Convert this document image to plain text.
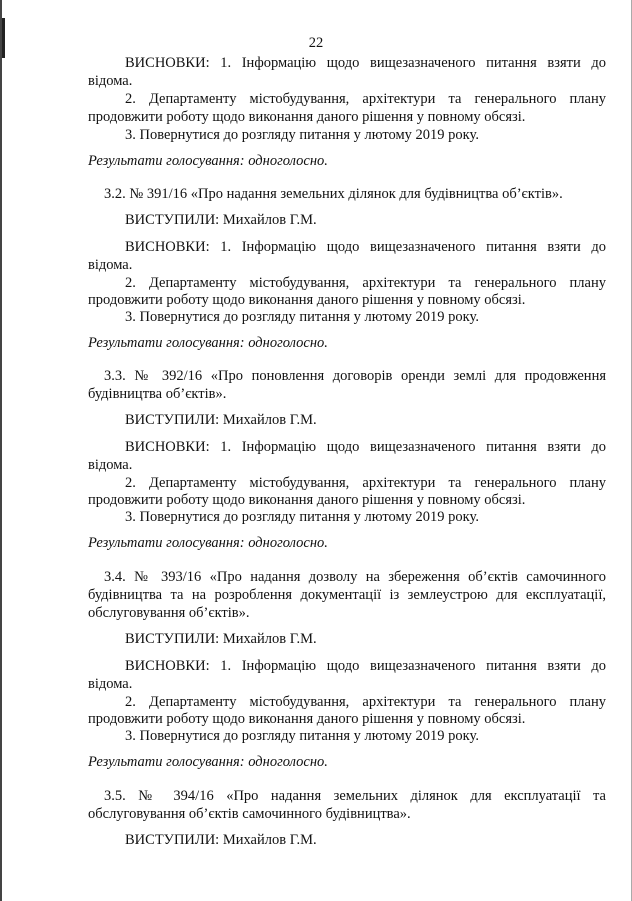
22

ВИСНОВКИ: 1. Інформацію щодо вищезазначеного питання взяти до

відома.

2. Департаменту містобудування, архітектури та генерального плану

продовжити роботу щодо виконання даного рішення у повному обсязі.

3. Повернутися до розгляду питання у лютому 2019 року.

Результати голосування: одноголосно.

3.2. № 391/16 «Про надання земельних ділянок для будівництва об’єктів».

ВИСТУПИЛИ: Михайлов Г.М.

ВИСНОВКИ: 1. Інформацію щодо вищезазначеного питання взяти до

відома.

2. Департаменту містобудування, архітектури та генерального плану

продовжити роботу щодо виконання даного рішення у повному обсязі.

3. Повернутися до розгляду питання у лютому 2019 року.

Результати голосування: одноголосно.

3.3. № 392/16 «Про поновлення договорів оренди землі для продовження

будівництва об’єктів».

ВИСТУПИЛИ: Михайлов Г.М.

ВИСНОВКИ: 1. Інформацію щодо вищезазначеного питання взяти до

відома.

2. Департаменту містобудування, архітектури та генерального плану

продовжити роботу щодо виконання даного рішення у повному обсязі.

3. Повернутися до розгляду питання у лютому 2019 року.

Результати голосування: одноголосно.

3.4. № 393/16 «Про надання дозволу на збереження об’єктів самочинного

будівництва та на розроблення документації із землеустрою для експлуатації,

обслуговування об’єктів».

ВИСТУПИЛИ: Михайлов Г.М.

ВИСНОВКИ: 1. Інформацію щодо вищезазначеного питання взяти до

відома.

2. Департаменту містобудування, архітектури та генерального плану

продовжити роботу щодо виконання даного рішення у повному обсязі.

3. Повернутися до розгляду питання у лютому 2019 року.

Результати голосування: одноголосно.

3.5. № 394/16 «Про надання земельних ділянок для експлуатації та

обслуговування об’єктів самочинного будівництва».

ВИСТУПИЛИ: Михайлов Г.М.
